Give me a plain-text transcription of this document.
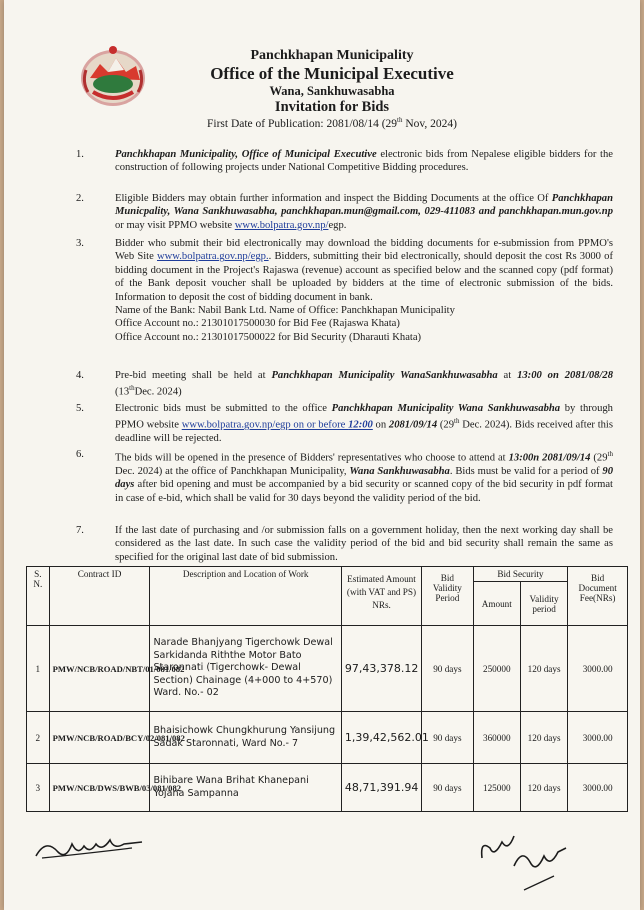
Panchkhapan Municipality
Office of the Municipal Executive
Wana, Sankhuwasabha
Invitation for Bids
First Date of Publication: 2081/08/14 (29th Nov, 2024)
1.	Panchkhapan Municipality, Office of Municipal Executive electronic bids from Nepalese eligible bidders for the construction of following projects under National Competitive Bidding procedures.
2.	Eligible Bidders may obtain further information and inspect the Bidding Documents at the office Of Panchkhapan Municpality, Wana Sankhuwasabha, panchkhapan.mun@gmail.com, 029-411083 and panchkhapan.mun.gov.np or may visit PPMO website www.bolpatra.gov.np/egp.
3.	Bidder who submit their bid electronically may download the bidding documents for e-submission from PPMO's Web Site www.bolpatra.gov.np/egp.. Bidders, submitting their bid electronically, should deposit the cost Rs 3000 of bidding document in the Project's Rajaswa (revenue) account as specified below and the scanned copy (pdf format) of the Bank deposit voucher shall be uploaded by bidders at the time of electronic submission of the bids. Information to deposit the cost of bidding document in bank.
Name of the Bank: Nabil Bank Ltd. Name of Office: Panchkhapan Municipality
Office Account no.: 21301017500030 for Bid Fee (Rajaswa Khata)
Office Account no.: 21301017500022 for Bid Security (Dharauti Khata)
4.	Pre-bid meeting shall be held at Panchkhapan Municipality WanaSankhuwasabha at 13:00 on 2081/08/28 (13thDec. 2024)
5.	Electronic bids must be submitted to the office Panchkhapan Municipality Wana Sankhuwasabha by through PPMO website www.bolpatra.gov.np/egp on or before 12:00 on 2081/09/14 (29th Dec. 2024). Bids received after this deadline will be rejected.
6.	The bids will be opened in the presence of Bidders' representatives who choose to attend at 13:00n 2081/09/14 (29th Dec. 2024) at the office of Panchkhapan Municipality, Wana Sankhuwasabha. Bids must be valid for a period of 90 days after bid opening and must be accompanied by a bid security or scanned copy of the bid security in pdf format in case of e-bid, which shall be valid for 30 days beyond the validity period of the bid.
7.	If the last date of purchasing and /or submission falls on a government holiday, then the next working day shall be considered as the last date. In such case the validity period of the bid and bid security shall remain the same as specified for the original last date of bid submission.
S. N.	Contract ID	Description and Location of Work	Estimated Amount (with VAT and PS) NRs.	Bid Validity Period	Bid Security		Bid Document Fee(NRs)
					Amount	Validity period	
1	PMW/NCB/ROAD/NBT/01/081/082	Narade Bhanjyang Tigerchowk Dewal Sarkidanda Riththe Motor Bato Staronnati (Tigerchowk- Dewal Section) Chainage (4+000 to 4+570) Ward. No.- 02	97,43,378.12	90 days	250000	120 days	3000.00
2	PMW/NCB/ROAD/BCY/02/081/082	Bhaisichowk Chungkhurung Yansijung Sadak Staronnati, Ward No.- 7	1,39,42,562.01	90 days	360000	120 days	3000.00
3	PMW/NCB/DWS/BWB/03/081/082	Bihibare Wana Brihat Khanepani Yojana Sampanna	48,71,391.94	90 days	125000	120 days	3000.00
